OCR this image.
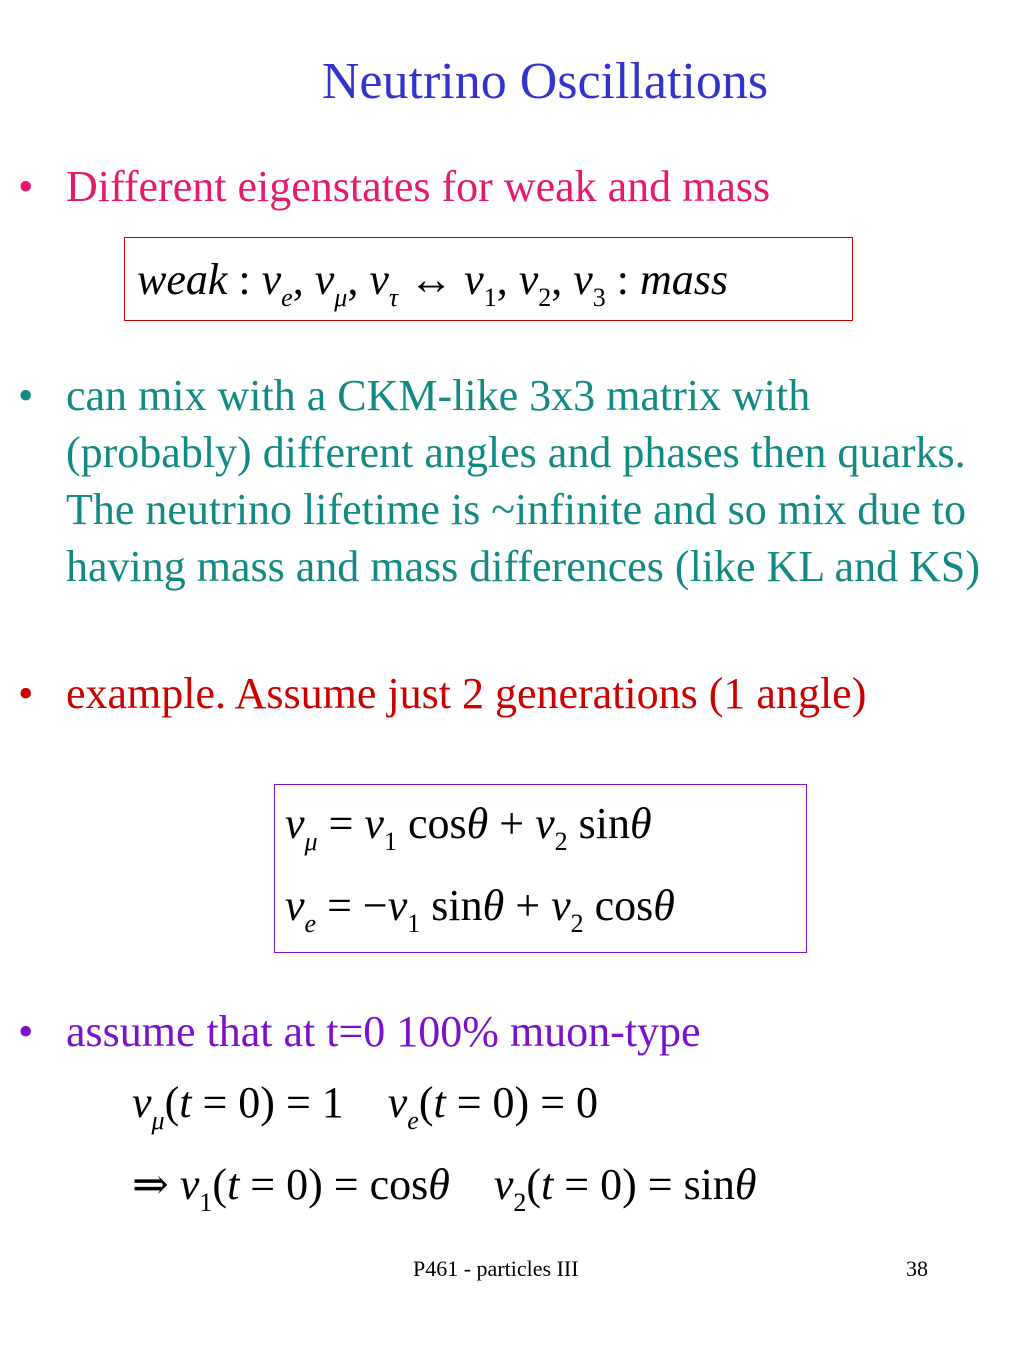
Neutrino Oscillations
• Different eigenstates for weak and mass
weak : $\nu_e$, $\nu_\mu$, $\nu_\tau$ ↔ $\nu_1$, $\nu_2$, $\nu_3$ : mass
• can mix with a CKM-like 3x3 matrix with (probably) different angles and phases then quarks. The neutrino lifetime is ~infinite and so mix due to having mass and mass differences (like KL and KS)
• example. Assume just 2 generations (1 angle)
$\nu_\mu = \nu_1$ $\cos\theta + \nu_2$ sinθ
$\nu_e = -\nu_1$ $\sin\theta + \nu_2$ cosθ
• assume that at t=0 100% muon-type
$\nu_\mu(t = 0) = 1$ $\nu_e(t = 0) = 0$
⇒ $\nu_1(t = 0) = \cos\theta$ $\nu_2(t = 0) = \sin\theta$
P461 - particles III	38
